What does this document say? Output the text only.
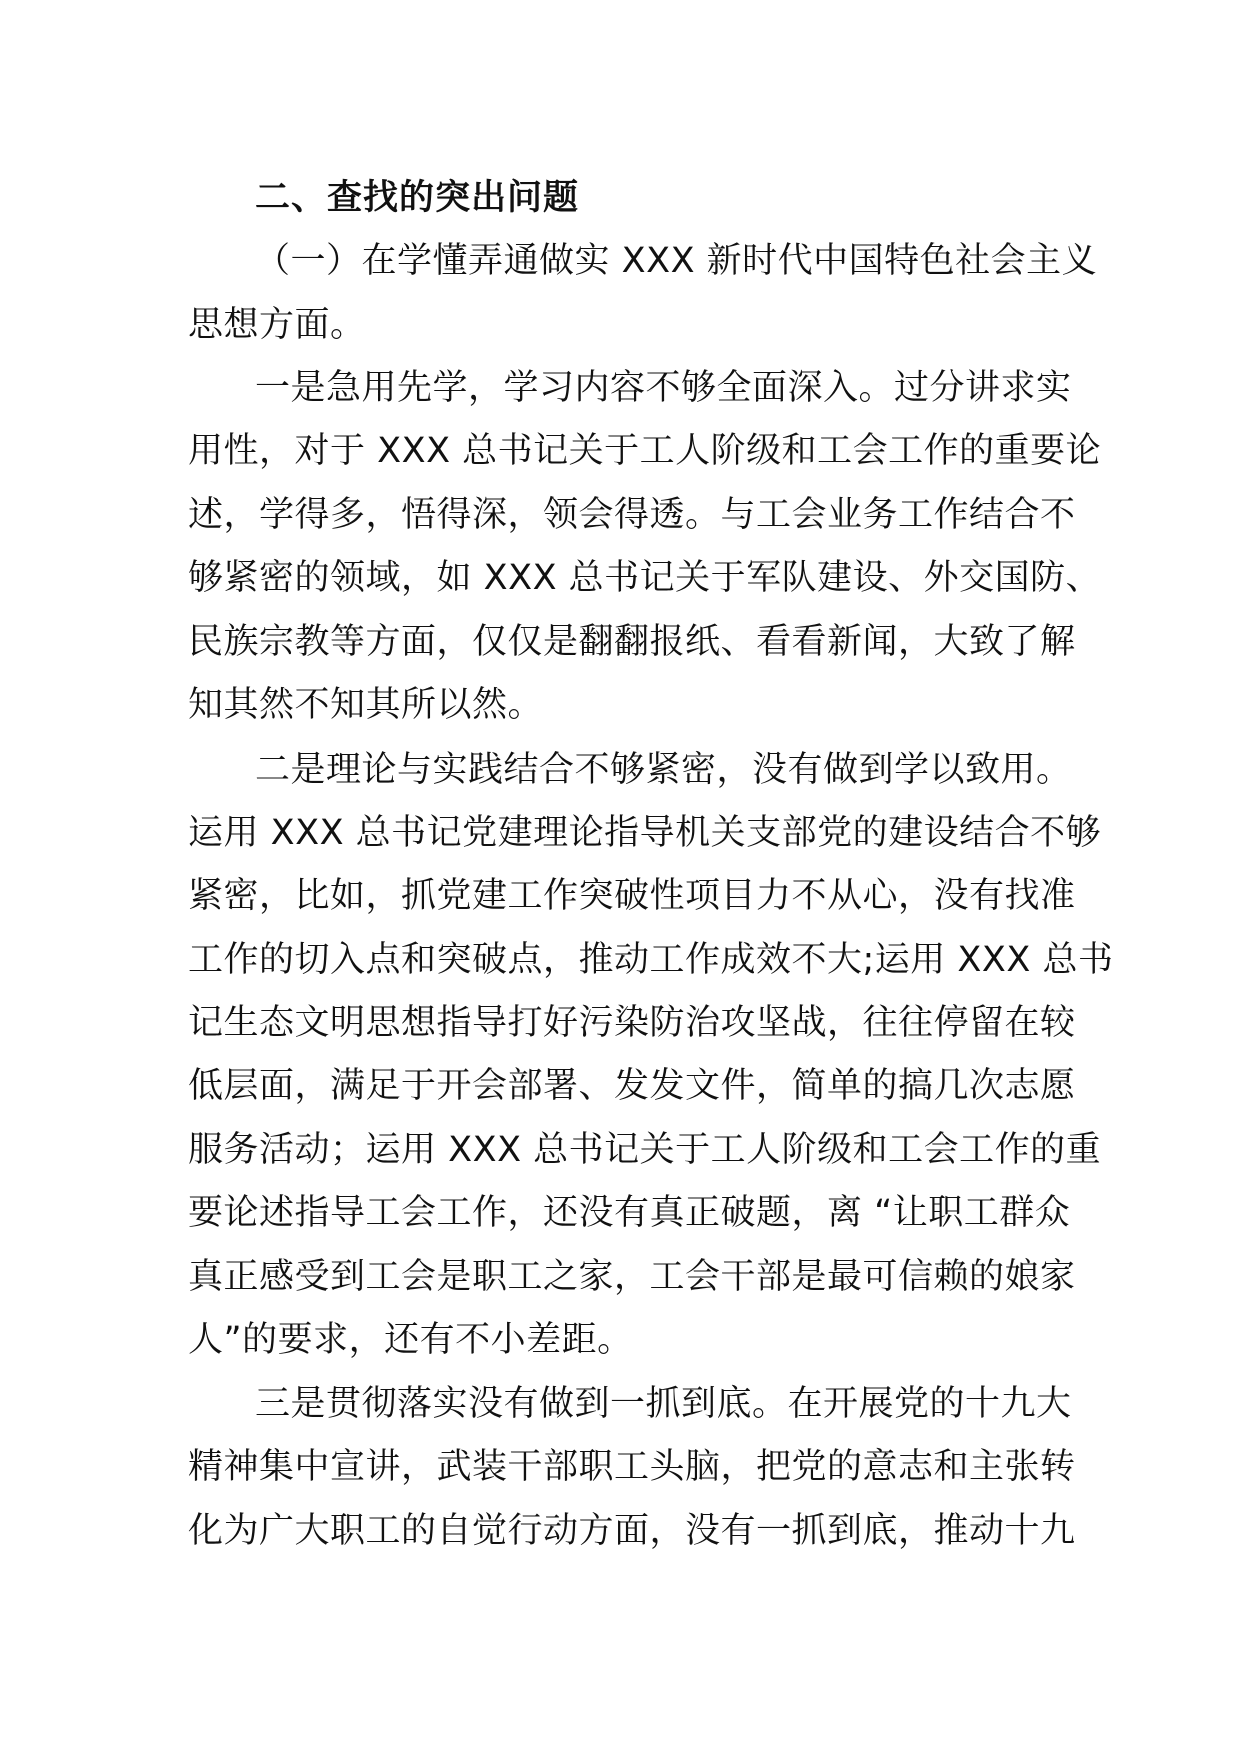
二、查找的突出问题
（一）在学懂弄通做实 XXX 新时代中国特色社会主义
思想方面。
一是急用先学，学习内容不够全面深入。过分讲求实
用性，对于 XXX 总书记关于工人阶级和工会工作的重要论
述，学得多，悟得深，领会得透。与工会业务工作结合不
够紧密的领域，如 XXX 总书记关于军队建设、外交国防、
民族宗教等方面，仅仅是翻翻报纸、看看新闻，大致了解
知其然不知其所以然。
二是理论与实践结合不够紧密，没有做到学以致用。
运用 XXX 总书记党建理论指导机关支部党的建设结合不够
紧密，比如，抓党建工作突破性项目力不从心，没有找准
工作的切入点和突破点，推动工作成效不大;运用 XXX 总书
记生态文明思想指导打好污染防治攻坚战，往往停留在较
低层面，满足于开会部署、发发文件，简单的搞几次志愿
服务活动；运用 XXX 总书记关于工人阶级和工会工作的重
要论述指导工会工作，还没有真正破题，离 “让职工群众
真正感受到工会是职工之家，工会干部是最可信赖的娘家
人”的要求，还有不小差距。
三是贯彻落实没有做到一抓到底。在开展党的十九大
精神集中宣讲，武装干部职工头脑，把党的意志和主张转
化为广大职工的自觉行动方面，没有一抓到底，推动十九
